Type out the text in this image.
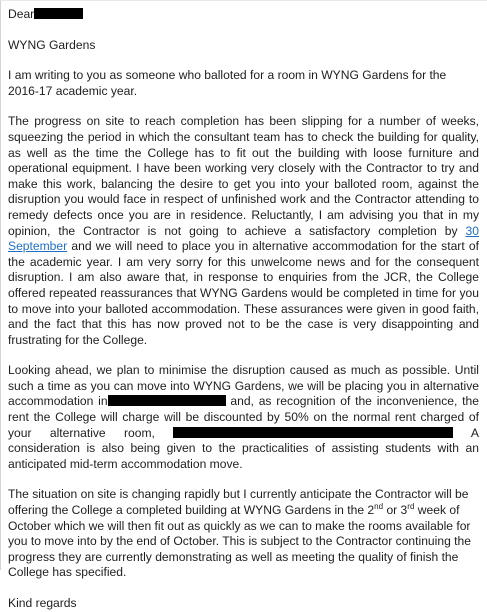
Dear
WYNG Gardens
I am writing to you as someone who balloted for a room in WYNG Gardens for the 2016-17 academic year.
The progress on site to reach completion has been slipping for a number of weeks, squeezing the period in which the consultant team has to check the building for quality, as well as the time the College has to fit out the building with loose furniture and operational equipment. I have been working very closely with the Contractor to try and make this work, balancing the desire to get you into your balloted room, against the disruption you would face in respect of unfinished work and the Contractor attending to remedy defects once you are in residence. Reluctantly, I am advising you that in my opinion, the Contractor is not going to achieve a satisfactory completion by 30 September and we will need to place you in alternative accommodation for the start of the academic year. I am very sorry for this unwelcome news and for the consequent disruption. I am also aware that, in response to enquiries from the JCR, the College offered repeated reassurances that WYNG Gardens would be completed in time for you to move into your balloted accommodation. These assurances were given in good faith, and the fact that this has now proved not to be the case is very disappointing and frustrating for the College.
Looking ahead, we plan to minimise the disruption caused as much as possible. Until such a time as you can move into WYNG Gardens, we will be placing you in alternative accommodation in	and, as recognition of the inconvenience, the rent the College will charge will be discounted by 50% on the normal rent charged of your alternative room,	A consideration is also being given to the practicalities of assisting students with an anticipated mid-term accommodation move.
The situation on site is changing rapidly but I currently anticipate the Contractor will be offering the College a completed building at WYNG Gardens in the 2nd or 3rd week of October which we will then fit out as quickly as we can to make the rooms available for you to move into by the end of October. This is subject to the Contractor continuing the progress they are currently demonstrating as well as meeting the quality of finish the College has specified.
Kind regards
